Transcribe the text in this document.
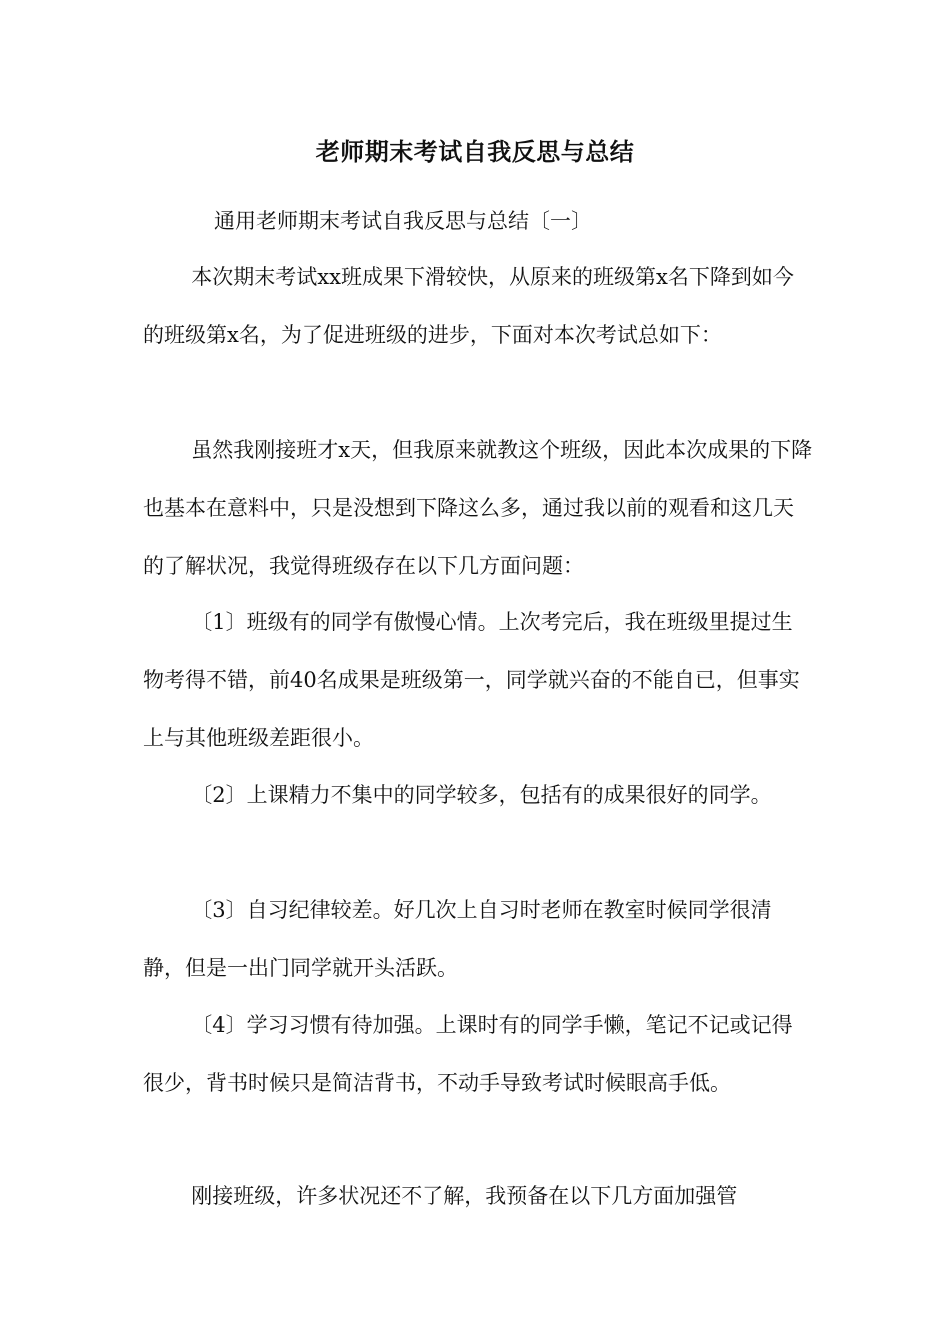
老师期末考试自我反思与总结
通用老师期末考试自我反思与总结〔一〕
本次期末考试xx班成果下滑较快，从原来的班级第x名下降到如今的班级第x名，为了促进班级的进步，下面对本次考试总如下：
虽然我刚接班才x天，但我原来就教这个班级，因此本次成果的下降也基本在意料中，只是没想到下降这么多，通过我以前的观看和这几天的了解状况，我觉得班级存在以下几方面问题：
〔1〕班级有的同学有傲慢心情。上次考完后，我在班级里提过生物考得不错，前40名成果是班级第一，同学就兴奋的不能自已，但事实上与其他班级差距很小。
〔2〕上课精力不集中的同学较多，包括有的成果很好的同学。
〔3〕自习纪律较差。好几次上自习时老师在教室时候同学很清静，但是一出门同学就开头活跃。
〔4〕学习习惯有待加强。上课时有的同学手懒，笔记不记或记得很少，背书时候只是简洁背书，不动手导致考试时候眼高手低。
刚接班级，许多状况还不了解，我预备在以下几方面加强管
